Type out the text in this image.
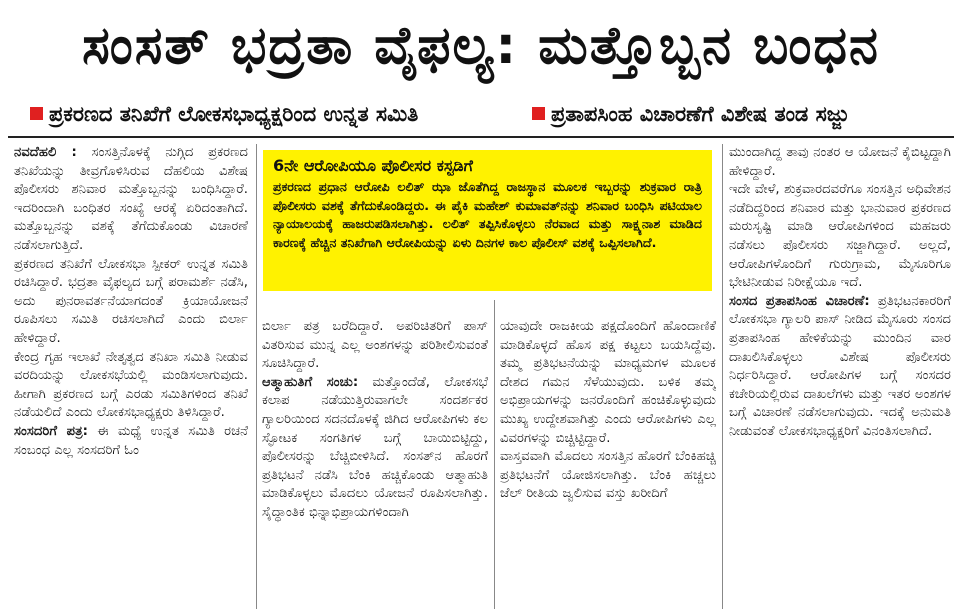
ಸಂಸತ್ ಭದ್ರತಾ ವೈಫಲ್ಯ: ಮತ್ತೊಬ್ಬನ ಬಂಧನ
ಪ್ರಕರಣದ ತನಿಖೆಗೆ ಲೋಕಸಭಾಧ್ಯಕ್ಷರಿಂದ ಉನ್ನತ ಸಮಿತಿ	ಪ್ರತಾಪಸಿಂಹ ವಿಚಾರಣೆಗೆ ವಿಶೇಷ ತಂಡ ಸಜ್ಜು

ನವದೆಹಲಿ : ಸಂಸತ್ತಿನೊಳಕ್ಕೆ ನುಗ್ಗಿದ ಪ್ರಕರಣದ ತನಿಖೆಯನ್ನು ತೀವ್ರಗೊಳಿಸಿರುವ ದೆಹಲಿಯ ವಿಶೇಷ ಪೊಲೀಸರು ಶನಿವಾರ ಮತ್ತೊಬ್ಬನನ್ನು ಬಂಧಿಸಿದ್ದಾರೆ. ಇದರಿಂದಾಗಿ ಬಂಧಿತರ ಸಂಖ್ಯೆ ಆರಕ್ಕೆ ಏರಿದಂತಾಗಿದೆ. ಮತ್ತೊಬ್ಬನನ್ನು ವಶಕ್ಕೆ ತೆಗೆದುಕೊಂಡು ವಿಚಾರಣೆ ನಡೆಸಲಾಗುತ್ತಿದೆ.

ಪ್ರಕರಣದ ತನಿಖೆಗೆ ಲೋಕಸಭಾ ಸ್ಪೀಕರ್ ಉನ್ನತ ಸಮಿತಿ ರಚಿಸಿದ್ದಾರೆ. ಭದ್ರತಾ ವೈಫಲ್ಯದ ಬಗ್ಗೆ ಪರಾಮರ್ಶೆ ನಡೆಸಿ, ಅದು ಪುನರಾವರ್ತನೆಯಾಗದಂತೆ ಕ್ರಿಯಾಯೋಜನೆ ರೂಪಿಸಲು ಸಮಿತಿ ರಚಿಸಲಾಗಿದೆ ಎಂದು ಬಿರ್ಲಾ ಹೇಳಿದ್ದಾರೆ.

ಕೇಂದ್ರ ಗೃಹ ಇಲಾಖೆ ನೇತೃತ್ವದ ತನಿಖಾ ಸಮಿತಿ ನೀಡುವ ವರದಿಯನ್ನು ಲೋಕಸಭೆಯಲ್ಲಿ ಮಂಡಿಸಲಾಗುವುದು. ಹೀಗಾಗಿ ಪ್ರಕರಣದ ಬಗ್ಗೆ ಎರಡು ಸಮಿತಿಗಳಿಂದ ತನಿಖೆ ನಡೆಯಲಿದೆ ಎಂದು ಲೋಕಸಭಾಧ್ಯಕ್ಷರು ತಿಳಿಸಿದ್ದಾರೆ.

ಸಂಸದರಿಗೆ ಪತ್ರ: ಈ ಮಧ್ಯೆ ಉನ್ನತ ಸಮಿತಿ ರಚನೆ ಸಂಬಂಧ ಎಲ್ಲ ಸಂಸದರಿಗೆ ಓಂ

6ನೇ ಆರೋಪಿಯೂ ಪೊಲೀಸರ ಕಸ್ಟಡಿಗೆ
ಪ್ರಕರಣದ ಪ್ರಧಾನ ಆರೋಪಿ ಲಲಿತ್ ಝಾ ಜೊತೆಗಿದ್ದ ರಾಜಸ್ಥಾನ ಮೂಲಕ ಇಬ್ಬರನ್ನು ಶುಕ್ರವಾರ ರಾತ್ರಿ ಪೊಲೀಸರು ವಶಕ್ಕೆ ತೆಗೆದುಕೊಂಡಿದ್ದರು. ಈ ಪೈಕಿ ಮಹೇಶ್ ಕುಮಾವತ್‌ನನ್ನು ಶನಿವಾರ ಬಂಧಿಸಿ ಪಟಿಯಾಲ ನ್ಯಾಯಾಲಯಕ್ಕೆ ಹಾಜರುಪಡಿಸಲಾಗಿತ್ತು. ಲಲಿತ್ ತಪ್ಪಿಸಿಕೊಳ್ಳಲು ನೆರವಾದ ಮತ್ತು ಸಾಕ್ಷ್ಯನಾಶ ಮಾಡಿದ ಕಾರಣಕ್ಕೆ ಹೆಚ್ಚಿನ ತನಿಖೆಗಾಗಿ ಆರೋಪಿಯನ್ನು ಏಳು ದಿನಗಳ ಕಾಲ ಪೊಲೀಸ್ ವಶಕ್ಕೆ ಒಪ್ಪಿಸಲಾಗಿದೆ.

ಬಿರ್ಲಾ ಪತ್ರ ಬರೆದಿದ್ದಾರೆ. ಅಪರಿಚಿತರಿಗೆ ಪಾಸ್ ವಿತರಿಸುವ ಮುನ್ನ ಎಲ್ಲ ಅಂಶಗಳನ್ನು ಪರಿಶೀಲಿಸುವಂತೆ ಸೂಚಿಸಿದ್ದಾರೆ.

ಆತ್ಮಾಹುತಿಗೆ ಸಂಚು: ಮತ್ತೊಂದೆಡೆ, ಲೋಕಸಭೆ ಕಲಾಪ ನಡೆಯುತ್ತಿರುವಾಗಲೇ ಸಂದರ್ಶಕರ ಗ್ಯಾಲರಿಯಿಂದ ಸದನದೊಳಕ್ಕೆ ಜಿಗಿದ ಆರೋಪಿಗಳು ಕಲ ಸ್ಫೋಟಕ ಸಂಗತಿಗಳ ಬಗ್ಗೆ ಬಾಯಿಬಿಟ್ಟಿದ್ದು, ಪೊಲೀಸರನ್ನು ಬೆಚ್ಚಿಬೀಳಿಸಿದೆ. ಸಂಸತ್‌ನ ಹೊರಗೆ ಪ್ರತಿಭಟನೆ ನಡೆಸಿ ಬೆಂಕಿ ಹಚ್ಚಿಕೊಂಡು ಆತ್ಮಾಹುತಿ ಮಾಡಿಕೊಳ್ಳಲು ಮೊದಲು ಯೋಜನೆ ರೂಪಿಸಲಾಗಿತ್ತು. ಸೈದ್ಧಾಂತಿಕ ಭಿನ್ನಾಭಿಪ್ರಾಯಗಳಿಂದಾಗಿ

ಯಾವುದೇ ರಾಜಕೀಯ ಪಕ್ಷದೊಂದಿಗೆ ಹೊಂದಾಣಿಕೆ ಮಾಡಿಕೊಳ್ಳದೆ ಹೊಸ ಪಕ್ಷ ಕಟ್ಟಲು ಬಯಸಿದ್ದೆವು. ತಮ್ಮ ಪ್ರತಿಭಟನೆಯನ್ನು ಮಾಧ್ಯಮಗಳ ಮೂಲಕ ದೇಶದ ಗಮನ ಸೆಳೆಯುವುದು. ಬಳಿಕ ತಮ್ಮ ಅಭಿಪ್ರಾಯಗಳನ್ನು ಜನರೊಂದಿಗೆ ಹಂಚಿಕೊಳ್ಳುವುದು ಮುಖ್ಯ ಉದ್ದೇಶವಾಗಿತ್ತು ಎಂದು ಆರೋಪಿಗಳು ಎಲ್ಲ ವಿವರಗಳನ್ನು ಬಿಚ್ಚಿಟ್ಟಿದ್ದಾರೆ.

ವಾಸ್ತವವಾಗಿ ಮೊದಲು ಸಂಸತ್ತಿನ ಹೊರಗೆ ಬೆಂಕಿಹಚ್ಚಿ ಪ್ರತಿಭಟನೆಗೆ ಯೋಜಿಸಲಾಗಿತ್ತು. ಬೆಂಕಿ ಹಚ್ಚಲು ಜೆಲ್ ರೀತಿಯ ಜ್ವಲಿಸುವ ವಸ್ತು ಖರೀದಿಗೆ

ಮುಂದಾಗಿದ್ದ ತಾವು ನಂತರ ಆ ಯೋಜನೆ ಕೈಬಿಟ್ಟದ್ದಾಗಿ ಹೇಳಿದ್ದಾರೆ.

ಇದೇ ವೇಳೆ, ಶುಕ್ರವಾರದವರೆಗೂ ಸಂಸತ್ತಿನ ಅಧಿವೇಶನ ನಡೆದಿದ್ದರಿಂದ ಶನಿವಾರ ಮತ್ತು ಭಾನುವಾರ ಪ್ರಕರಣದ ಮರುಸೃಷ್ಟಿ ಮಾಡಿ ಆರೋಪಿಗಳಿಂದ ಮಹಜರು ನಡೆಸಲು ಪೊಲೀಸರು ಸಜ್ಜಾಗಿದ್ದಾರೆ. ಅಲ್ಲದೆ, ಆರೋಪಿಗಳೊಂದಿಗೆ ಗುರುಗ್ರಾಮ, ಮೈಸೂರಿಗೂ ಭೇಟಿನೀಡುವ ನಿರೀಕ್ಷೆಯೂ ಇದೆ.

ಸಂಸದ ಪ್ರತಾಪಸಿಂಹ ವಿಚಾರಣೆ: ಪ್ರತಿಭಟನಕಾರರಿಗೆ ಲೋಕಸಭಾ ಗ್ಯಾಲರಿ ಪಾಸ್ ನೀಡಿದ ಮೈಸೂರು ಸಂಸದ ಪ್ರತಾಪಸಿಂಹ ಹೇಳಿಕೆಯನ್ನು ಮುಂದಿನ ವಾರ ದಾಖಲಿಸಿಕೊಳ್ಳಲು ವಿಶೇಷ ಪೊಲೀಸರು ನಿರ್ಧರಿಸಿದ್ದಾರೆ. ಆರೋಪಿಗಳ ಬಗ್ಗೆ ಸಂಸದರ ಕಚೇರಿಯಲ್ಲಿರುವ ದಾಖಲೆಗಳು ಮತ್ತು ಇತರ ಅಂಶಗಳ ಬಗ್ಗೆ ವಿಚಾರಣೆ ನಡೆಸಲಾಗುವುದು. ಇದಕ್ಕೆ ಅನುಮತಿ ನೀಡುವಂತೆ ಲೋಕಸಭಾಧ್ಯಕ್ಷರಿಗೆ ವಿನಂತಿಸಲಾಗಿದೆ.
